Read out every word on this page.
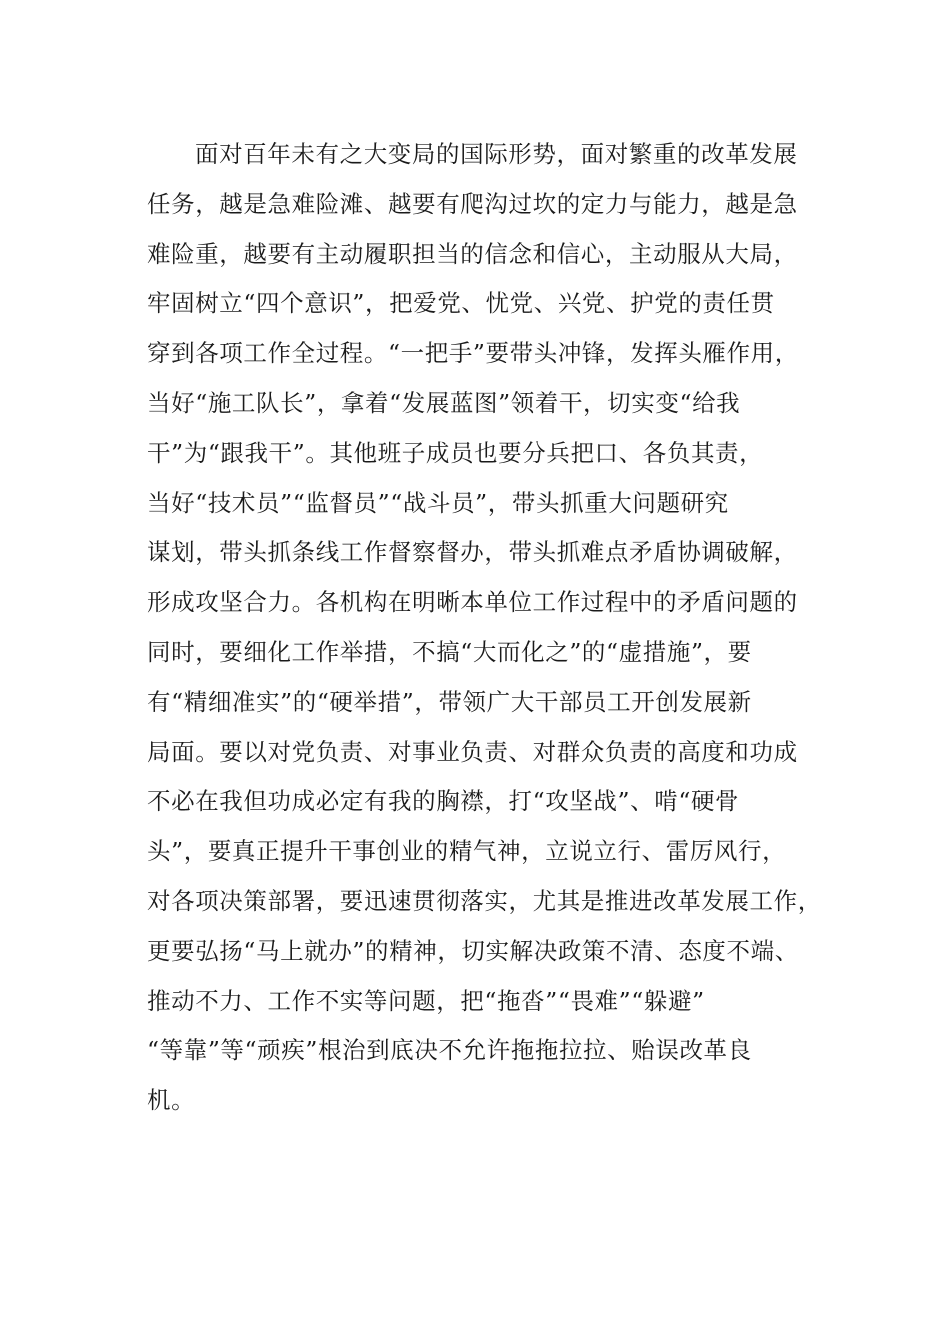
面对百年未有之大变局的国际形势，面对繁重的改革发展
任务，越是急难险滩、越要有爬沟过坎的定力与能力，越是急
难险重，越要有主动履职担当的信念和信心，主动服从大局，
牢固树立“四个意识”，把爱党、忧党、兴党、护党的责任贯
穿到各项工作全过程。“一把手”要带头冲锋，发挥头雁作用，
当好“施工队长”，拿着“发展蓝图”领着干，切实变“给我
干”为“跟我干”。其他班子成员也要分兵把口、各负其责，
当好“技术员”“监督员”“战斗员”，带头抓重大问题研究
谋划，带头抓条线工作督察督办，带头抓难点矛盾协调破解，
形成攻坚合力。各机构在明晰本单位工作过程中的矛盾问题的
同时，要细化工作举措，不搞“大而化之”的“虚措施”，要
有“精细准实”的“硬举措”，带领广大干部员工开创发展新
局面。要以对党负责、对事业负责、对群众负责的高度和功成
不必在我但功成必定有我的胸襟，打“攻坚战”、啃“硬骨
头”，要真正提升干事创业的精气神，立说立行、雷厉风行，
对各项决策部署，要迅速贯彻落实，尤其是推进改革发展工作，
更要弘扬“马上就办”的精神，切实解决政策不清、态度不端、
推动不力、工作不实等问题，把“拖沓”“畏难”“躲避”
“等靠”等“顽疾”根治到底决不允许拖拖拉拉、贻误改革良
机。
